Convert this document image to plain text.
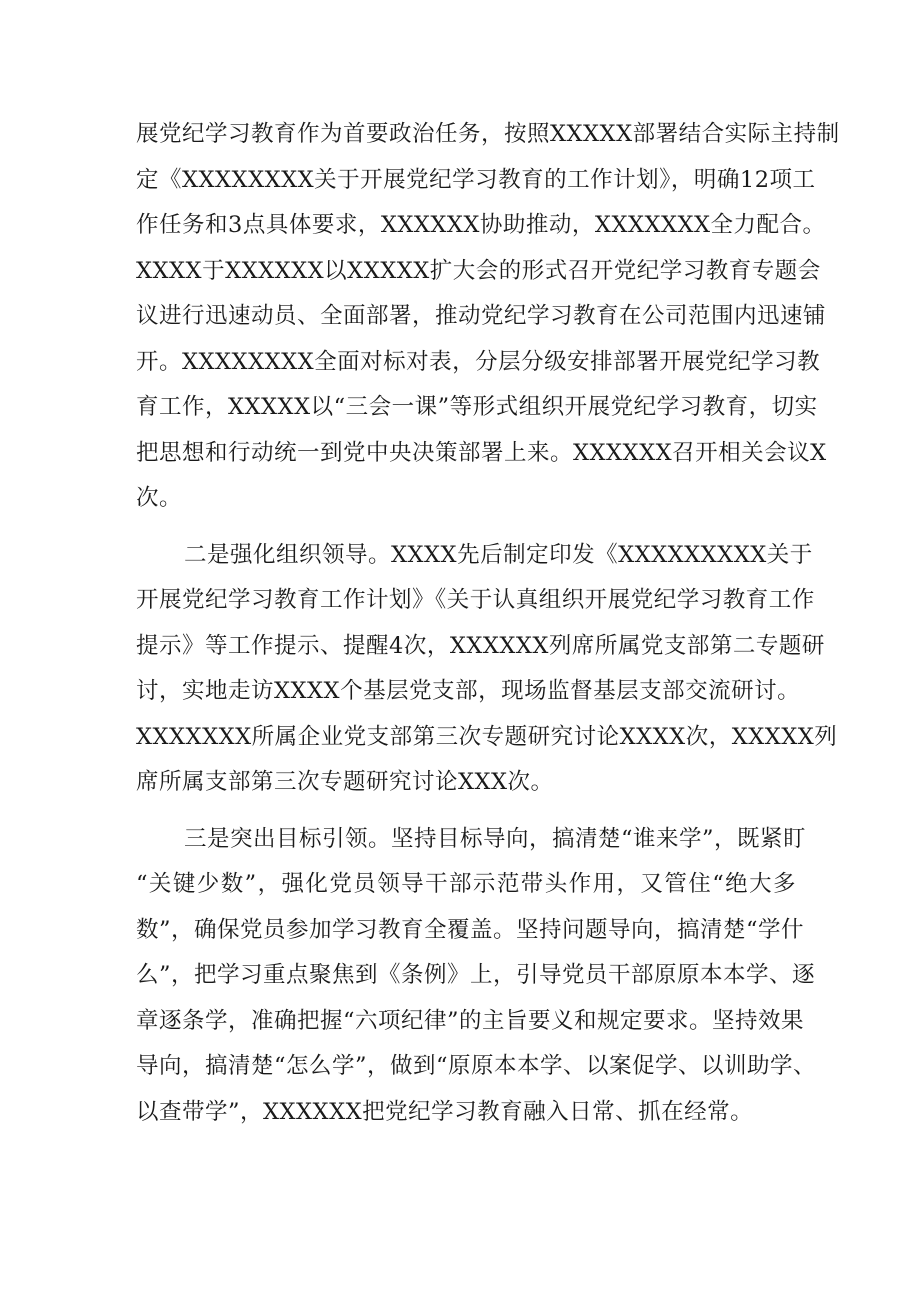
展党纪学习教育作为首要政治任务，按照XXXXX部署结合实际主持制
定《XXXXXXXX关于开展党纪学习教育的工作计划》，明确12项工
作任务和3点具体要求，XXXXXX协助推动，XXXXXXX全力配合。
XXXX于XXXXXX以XXXXX扩大会的形式召开党纪学习教育专题会
议进行迅速动员、全面部署，推动党纪学习教育在公司范围内迅速铺
开。XXXXXXXX全面对标对表，分层分级安排部署开展党纪学习教
育工作，XXXXX以“三会一课”等形式组织开展党纪学习教育，切实
把思想和行动统一到党中央决策部署上来。XXXXXX召开相关会议X
次。
二是强化组织领导。XXXX先后制定印发《XXXXXXXXX关于
开展党纪学习教育工作计划》《关于认真组织开展党纪学习教育工作
提示》等工作提示、提醒4次，XXXXXX列席所属党支部第二专题研
讨，实地走访XXXX个基层党支部，现场监督基层支部交流研讨。
XXXXXXX所属企业党支部第三次专题研究讨论XXXX次，XXXXX列
席所属支部第三次专题研究讨论XXX次。
三是突出目标引领。坚持目标导向，搞清楚“谁来学”，既紧盯
“关键少数”，强化党员领导干部示范带头作用，又管住“绝大多
数”，确保党员参加学习教育全覆盖。坚持问题导向，搞清楚“学什
么”，把学习重点聚焦到《条例》上，引导党员干部原原本本学、逐
章逐条学，准确把握“六项纪律”的主旨要义和规定要求。坚持效果
导向，搞清楚“怎么学”，做到“原原本本学、以案促学、以训助学、
以查带学”，XXXXXX把党纪学习教育融入日常、抓在经常。
